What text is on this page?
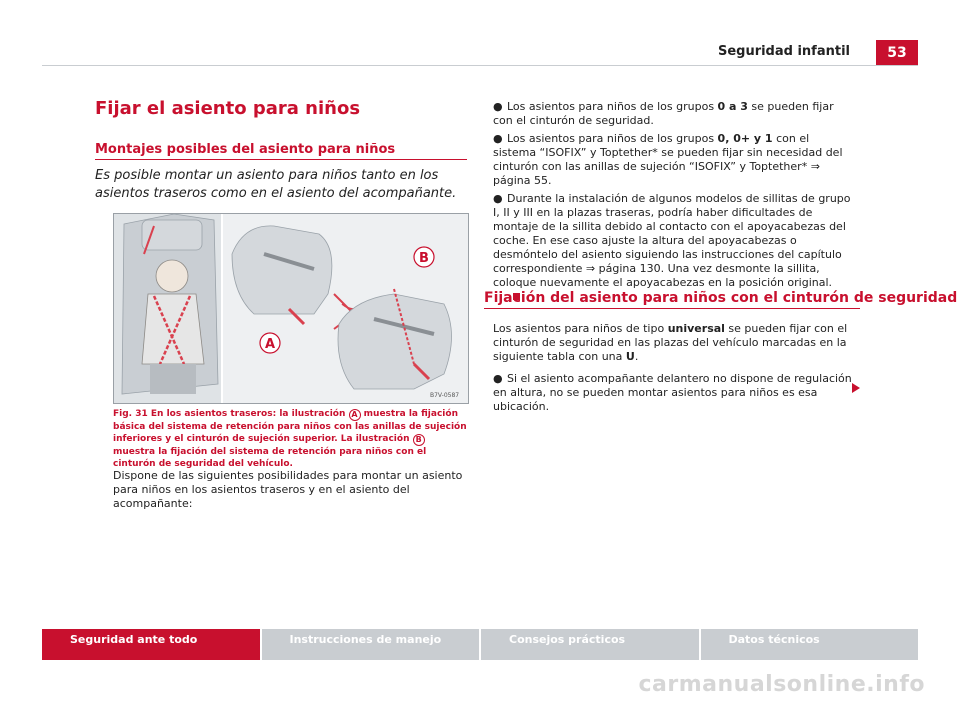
Seguridad infantil	53
Fijar el asiento para niños
Montajes posibles del asiento para niños
Es posible montar un asiento para niños tanto en los asientos traseros como en el asiento del acompañante.
B
A
B7V-0587
Fig. 31 En los asientos traseros: la ilustración A muestra la fijación básica del sistema de retención para niños con las anillas de sujeción inferiores y el cinturón de sujeción superior. La ilustración B muestra la fijación del sistema de retención para niños con el cinturón de seguridad del vehículo.
Dispone de las siguientes posibilidades para montar un asiento para niños en los asientos traseros y en el asiento del acompañante:

● Los asientos para niños de los grupos 0 a 3 se pueden fijar con el cinturón de seguridad.

● Los asientos para niños de los grupos 0, 0+ y 1 con el sistema “ISOFIX” y Toptether* se pueden fijar sin necesidad del cinturón con las anillas de sujeción “ISOFIX” y Toptether* ⇒ página 55.

● Durante la instalación de algunos modelos de sillitas de grupo I, II y III en la plazas traseras, podría haber dificultades de montaje de la sillita debido al contacto con el apoyacabezas del coche. En ese caso ajuste la altura del apoyacabezas o desmóntelo del asiento siguiendo las instrucciones del capítulo correspondiente ⇒ página 130. Una vez desmonte la sillita, coloque nuevamente el apoyacabezas en la posición original.

Fijación del asiento para niños con el cinturón de seguridad

Los asientos para niños de tipo universal se pueden fijar con el cinturón de seguridad en las plazas del vehículo marcadas en la siguiente tabla con una U.

● Si el asiento acompañante delantero no dispone de regulación en altura, no se pueden montar asientos para niños es esa ubicación.

Seguridad ante todo	Instrucciones de manejo	Consejos prácticos	Datos técnicos
carmanualsonline.info
